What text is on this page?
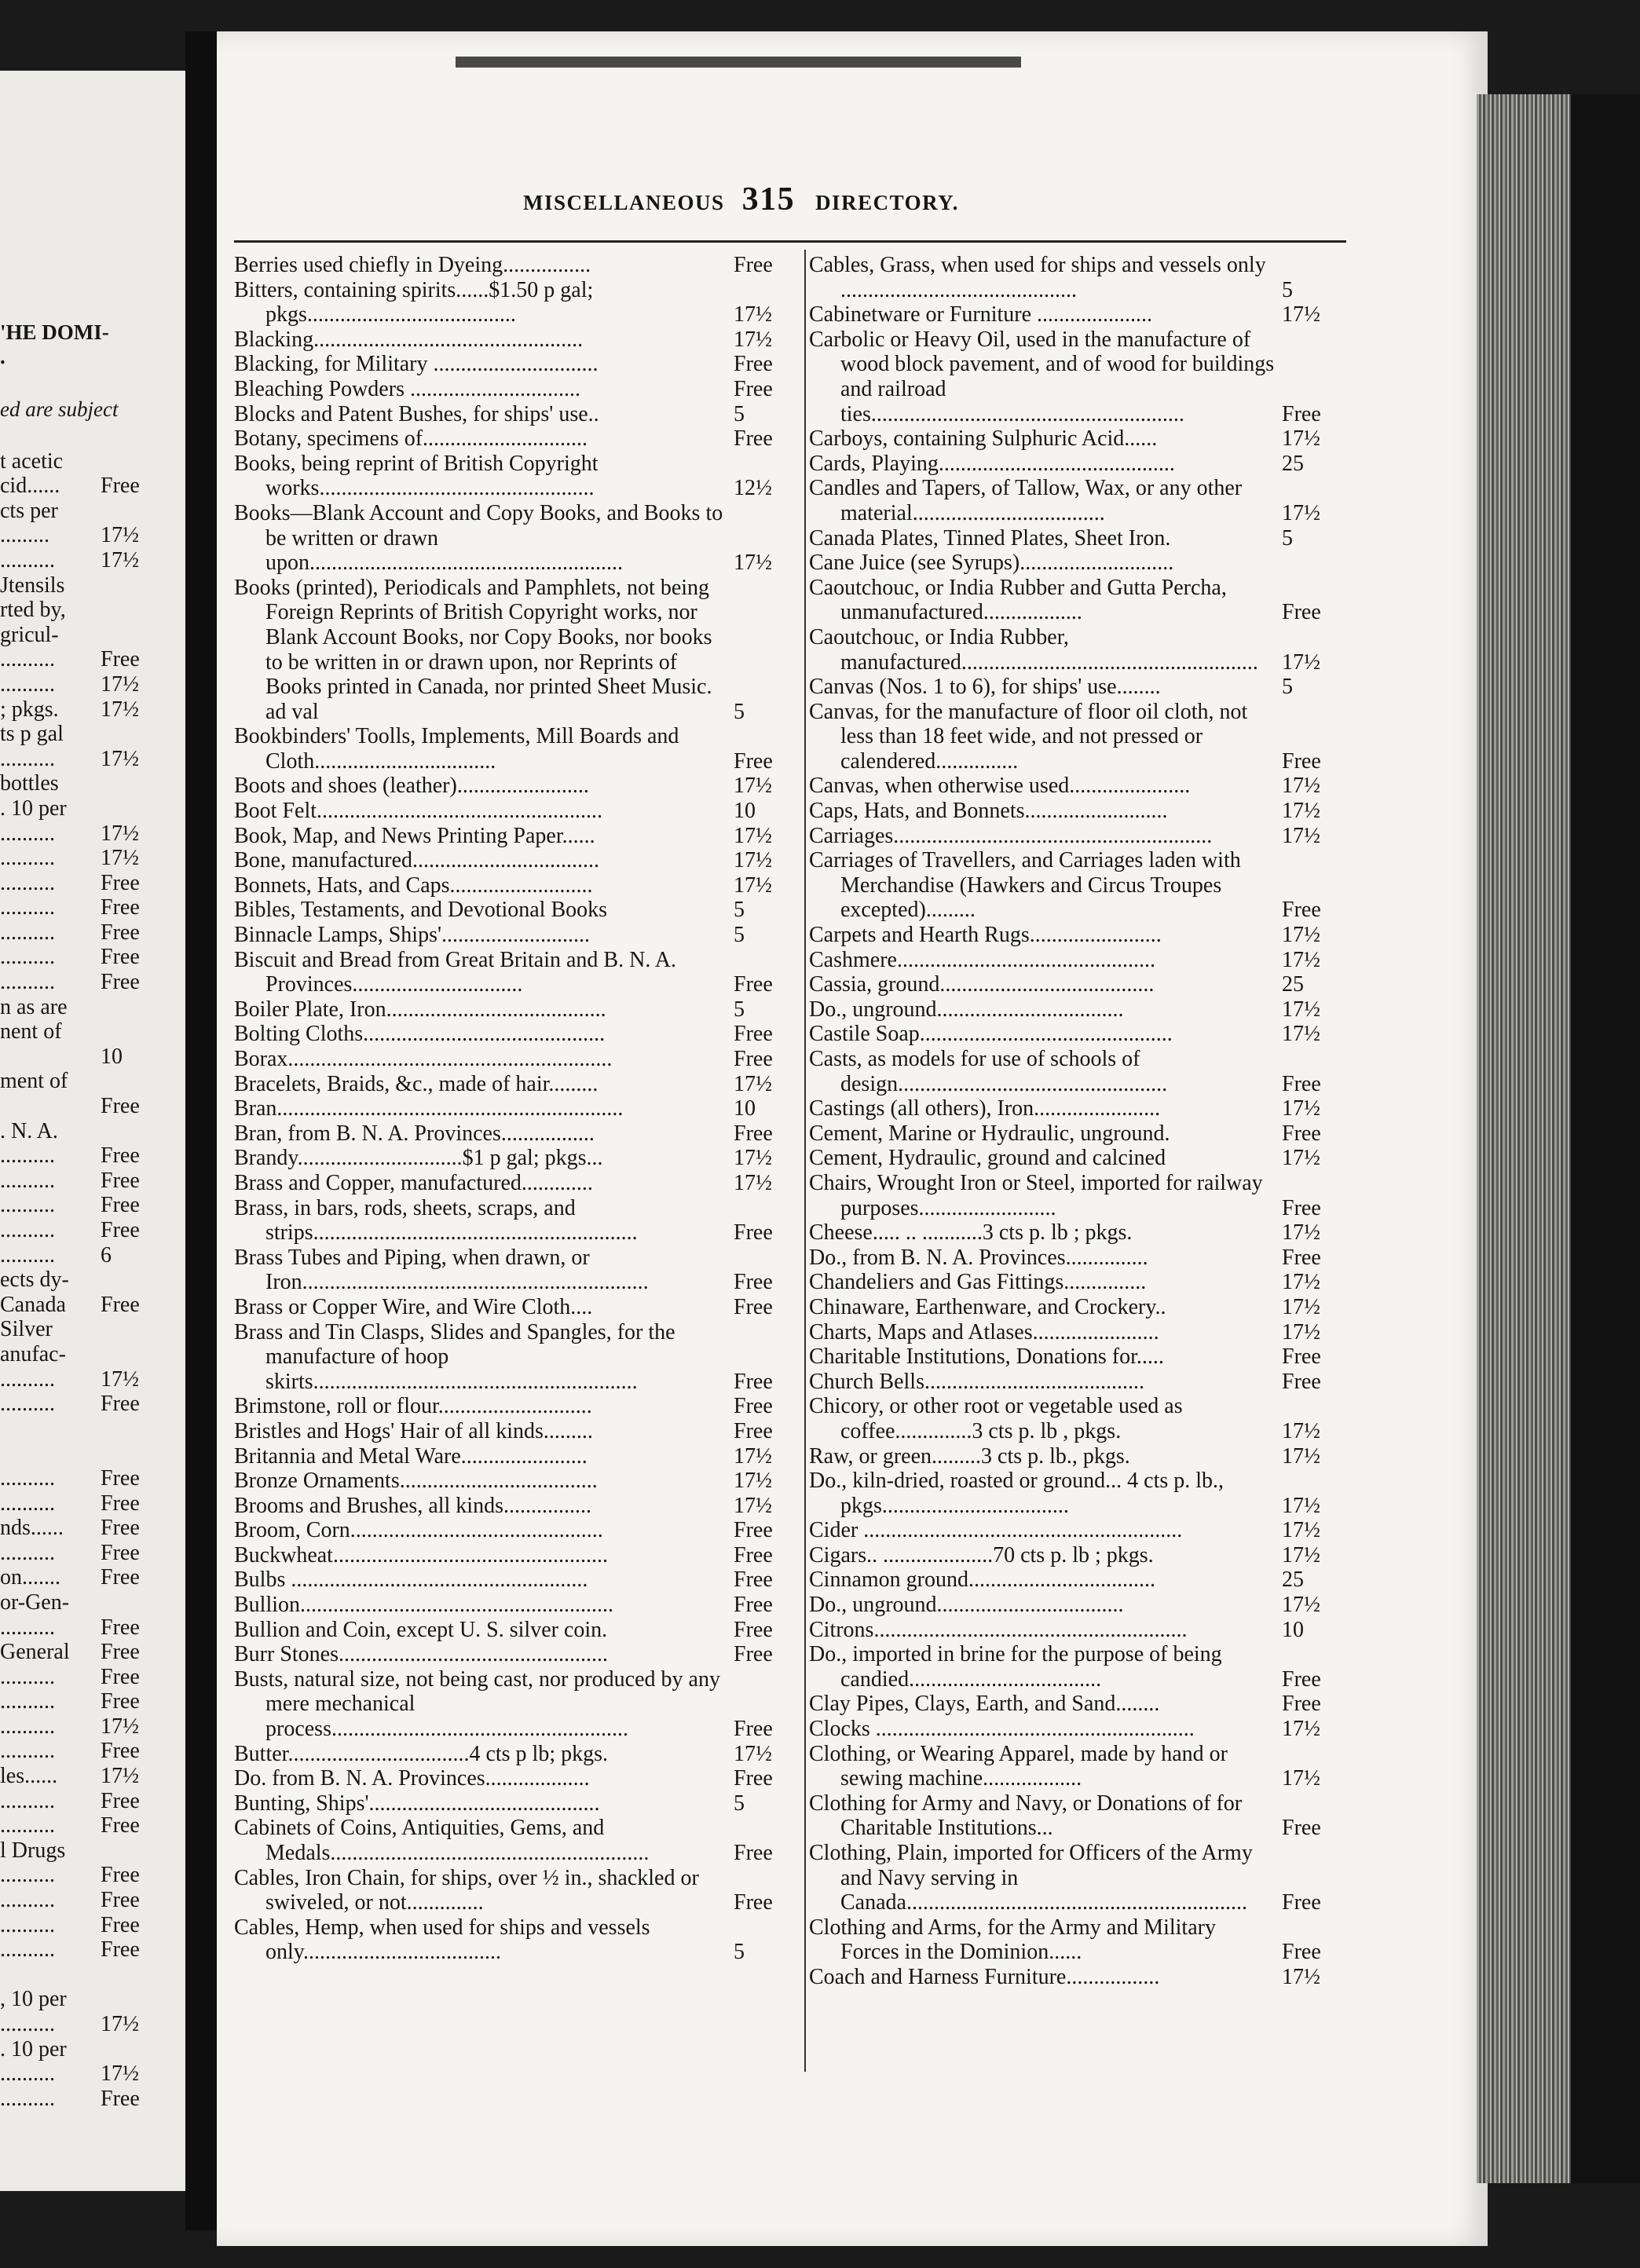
'HE DOMI-
.
ed are subject
t acetic
cid...... Free
cts per
......... 17½
.......... 17½
Jtensils
rted by,
gricul-
.......... Free
.......... 17½
; pkgs. 17½
ts p gal
.......... 17½
bottles
. 10 per
.......... 17½
.......... 17½
.......... Free
.......... Free
.......... Free
.......... Free
.......... Free
n as are
nent of
10
ment of
Free
. N. A.
.......... Free
.......... Free
.......... Free
.......... Free
.......... 6
ects dy-
Canada Free
Silver
anufac-
.......... 17½
.......... Free
.......... Free
.......... Free
nds...... Free
.......... Free
on....... Free
or-Gen-
.......... Free
General Free
.......... Free
.......... Free
.......... 17½
.......... Free
les...... 17½
.......... Free
.......... Free
l Drugs
.......... Free
.......... Free
.......... Free
.......... Free
, 10 per
.......... 17½
. 10 per
.......... 17½
.......... Free
MISCELLANEOUS 315 DIRECTORY.
Berries used chiefly in Dyeing................	Free
Bitters, containing spirits......$1.50 p gal; pkgs......................................	17½
Blacking.................................................	17½
Blacking, for Military ..............................	Free
Bleaching Powders ...............................	Free
Blocks and Patent Bushes, for ships' use..	5
Botany, specimens of..............................	Free
Books, being reprint of British Copyright works..................................................	12½
Books—Blank Account and Copy Books, and Books to be written or drawn upon.........................................................	17½
Books (printed), Periodicals and Pamphlets, not being Foreign Reprints of British Copyright works, nor Blank Account Books, nor Copy Books, nor books to be written in or drawn upon, nor Reprints of Books printed in Canada, nor printed Sheet Music. ad val	5
Bookbinders' Toolls, Implements, Mill Boards and Cloth.................................	Free
Boots and shoes (leather)........................	17½
Boot Felt....................................................	10
Book, Map, and News Printing Paper......	17½
Bone, manufactured..................................	17½
Bonnets, Hats, and Caps..........................	17½
Bibles, Testaments, and Devotional Books	5
Binnacle Lamps, Ships'...........................	5
Biscuit and Bread from Great Britain and B. N. A. Provinces...............................	Free
Boiler Plate, Iron........................................	5
Bolting Cloths............................................	Free
Borax...........................................................	Free
Bracelets, Braids, &c., made of hair.........	17½
Bran...............................................................	10
Bran, from B. N. A. Provinces.................	Free
Brandy..............................$1 p gal; pkgs...	17½
Brass and Copper, manufactured.............	17½
Brass, in bars, rods, sheets, scraps, and strips...........................................................	Free
Brass Tubes and Piping, when drawn, or Iron...............................................................	Free
Brass or Copper Wire, and Wire Cloth....	Free
Brass and Tin Clasps, Slides and Spangles, for the manufacture of hoop skirts...........................................................	Free
Brimstone, roll or flour............................	Free
Bristles and Hogs' Hair of all kinds.........	Free
Britannia and Metal Ware.......................	17½
Bronze Ornaments....................................	17½
Brooms and Brushes, all kinds................	17½
Broom, Corn..............................................	Free
Buckwheat..................................................	Free
Bulbs ......................................................	Free
Bullion.........................................................	Free
Bullion and Coin, except U. S. silver coin.	Free
Burr Stones.................................................	Free
Busts, natural size, not being cast, nor produced by any mere mechanical process......................................................	Free
Butter.................................4 cts p lb; pkgs.	17½
Do. from B. N. A. Provinces...................	Free
Bunting, Ships'..........................................	5
Cabinets of Coins, Antiquities, Gems, and Medals..........................................................	Free
Cables, Iron Chain, for ships, over ½ in., shackled or swiveled, or not..............	Free
Cables, Hemp, when used for ships and vessels only....................................	5
Cables, Grass, when used for ships and vessels only ...........................................	5
Cabinetware or Furniture .....................	17½
Carbolic or Heavy Oil, used in the manufacture of wood block pavement, and of wood for buildings and railroad ties.........................................................	Free
Carboys, containing Sulphuric Acid......	17½
Cards, Playing...........................................	25
Candles and Tapers, of Tallow, Wax, or any other material...................................	17½
Canada Plates, Tinned Plates, Sheet Iron.	5
Cane Juice (see Syrups)............................
Caoutchouc, or India Rubber and Gutta Percha, unmanufactured..................	Free
Caoutchouc, or India Rubber, manufactured......................................................	17½
Canvas (Nos. 1 to 6), for ships' use........	5
Canvas, for the manufacture of floor oil cloth, not less than 18 feet wide, and not pressed or calendered...............	Free
Canvas, when otherwise used......................	17½
Caps, Hats, and Bonnets..........................	17½
Carriages..........................................................	17½
Carriages of Travellers, and Carriages laden with Merchandise (Hawkers and Circus Troupes excepted).........	Free
Carpets and Hearth Rugs........................	17½
Cashmere...............................................	17½
Cassia, ground.......................................	25
Do., unground..................................	17½
Castile Soap..............................................	17½
Casts, as models for use of schools of design.................................................	Free
Castings (all others), Iron.......................	17½
Cement, Marine or Hydraulic, unground.	Free
Cement, Hydraulic, ground and calcined	17½
Chairs, Wrought Iron or Steel, imported for railway purposes.........................	Free
Cheese..... .. ...........3 cts p. lb ; pkgs.	17½
Do., from B. N. A. Provinces...............	Free
Chandeliers and Gas Fittings...............	17½
Chinaware, Earthenware, and Crockery..	17½
Charts, Maps and Atlases.......................	17½
Charitable Institutions, Donations for.....	Free
Church Bells........................................	Free
Chicory, or other root or vegetable used as coffee..............3 cts p. lb , pkgs.	17½
Raw, or green.........3 cts p. lb., pkgs.	17½
Do., kiln-dried, roasted or ground... 4 cts p. lb., pkgs..................................	17½
Cider ..........................................................	17½
Cigars.. ....................70 cts p. lb ; pkgs.	17½
Cinnamon ground..................................	25
Do., unground..................................	17½
Citrons.........................................................	10
Do., imported in brine for the purpose of being candied...................................	Free
Clay Pipes, Clays, Earth, and Sand........	Free
Clocks ..........................................................	17½
Clothing, or Wearing Apparel, made by hand or sewing machine..................	17½
Clothing for Army and Navy, or Donations of for Charitable Institutions...	Free
Clothing, Plain, imported for Officers of the Army and Navy serving in Canada..............................................................	Free
Clothing and Arms, for the Army and Military Forces in the Dominion......	Free
Coach and Harness Furniture.................	17½
